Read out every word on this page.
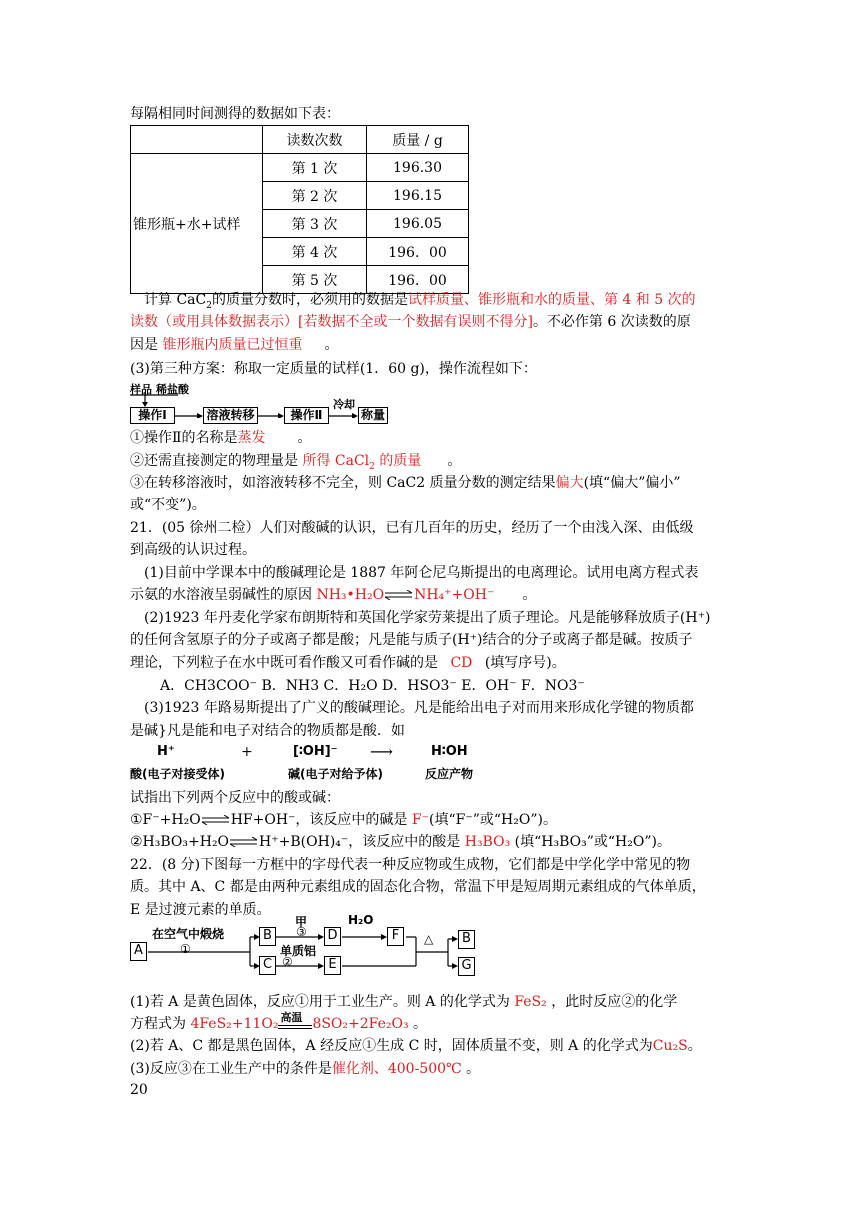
每隔相同时间测得的数据如下表：
	读数次数	质量 / g
锥形瓶+水+试样	第 1 次	196.30
	第 2 次	196.15
	第 3 次	196.05
	第 4 次	196．00
	第 5 次	196．00
计算 CaC$_2$的质量分数时，必须用的数据是试样质量、锥形瓶和水的质量、第 4 和 5 次的
读数（或用具体数据表示）[若数据不全或一个数据有误则不得分]。不必作第 6 次读数的原
因是 锥形瓶内质量已过恒重 。
(3)第三种方案：称取一定质量的试样(1．60 g)，操作流程如下：
样品 稀盐酸
操作Ⅰ	溶液转移	操作Ⅱ
冷却
称量
①操作Ⅱ的名称是蒸发 。
②还需直接测定的物理量是 所得 CaCl$_2$ 的质量 。
③在转移溶液时，如溶液转移不完全，则 CaC2 质量分数的测定结果偏大(填“偏大”偏小”
或“不变”)。
21．(05 徐州二检）人们对酸碱的认识，已有几百年的历史，经历了一个由浅入深、由低级
到高级的认识过程。
(1)目前中学课本中的酸碱理论是 1887 年阿仑尼乌斯提出的电离理论。试用电离方程式表
示氨的水溶液呈弱碱性的原因 NH₃•H₂O⇌NH₄⁺+OH⁻ 。
(2)1923 年丹麦化学家布朗斯特和英国化学家劳莱提出了质子理论。凡是能够释放质子(H⁺)
的任何含氢原子的分子或离子都是酸；凡是能与质子(H⁺)结合的分子或离子都是碱。按质子
理论，下列粒子在水中既可看作酸又可看作碱的是 CD (填写序号)。
A．CH3COO⁻ B．NH3 C．H₂O D．HSO3⁻ E．OH⁻ F．NO3⁻
(3)1923 年路易斯提出了广义的酸碱理论。凡是能给出电子对而用来形成化学键的物质都
是碱}凡是能和电子对结合的物质都是酸．如
H⁺	+	[∶OH]⁻ ⟶	H∶OH
酸(电子对接受体)	碱(电子对给予体)	反应产物
试指出下列两个反应中的酸或碱：
①F⁻+H₂O⇌HF+OH⁻，该反应中的碱是 F⁻(填“F⁻”或“H₂O”)。
②H₃BO₃+H₂O⇌H⁺+B(OH)₄⁻，该反应中的酸是 H₃BO₃ (填“H₃BO₃”或“H₂O”)。
22．(8 分)下图每一方框中的字母代表一种反应物或生成物，它们都是中学化学中常见的物
质。其中 A、C 都是由两种元素组成的固态化合物，常温下甲是短周期元素组成的气体单质，
E 是过渡元素的单质。
A
在空气中煅烧
①
B
C
甲
③
单质铝
②
D
E
H₂O
F	△	B
G
(1)若 A 是黄色固体，反应①用于工业生产。则 A 的化学式为 FeS₂ ，此时反应②的化学
方程式为 4FeS₂+11O₂ 高温 8SO₂+2Fe₂O₃ 。
(2)若 A、C 都是黑色固体，A 经反应①生成 C 时，固体质量不变，则 A 的化学式为Cu₂S。
(3)反应③在工业生产中的条件是催化剂、400-500℃ 。
20
